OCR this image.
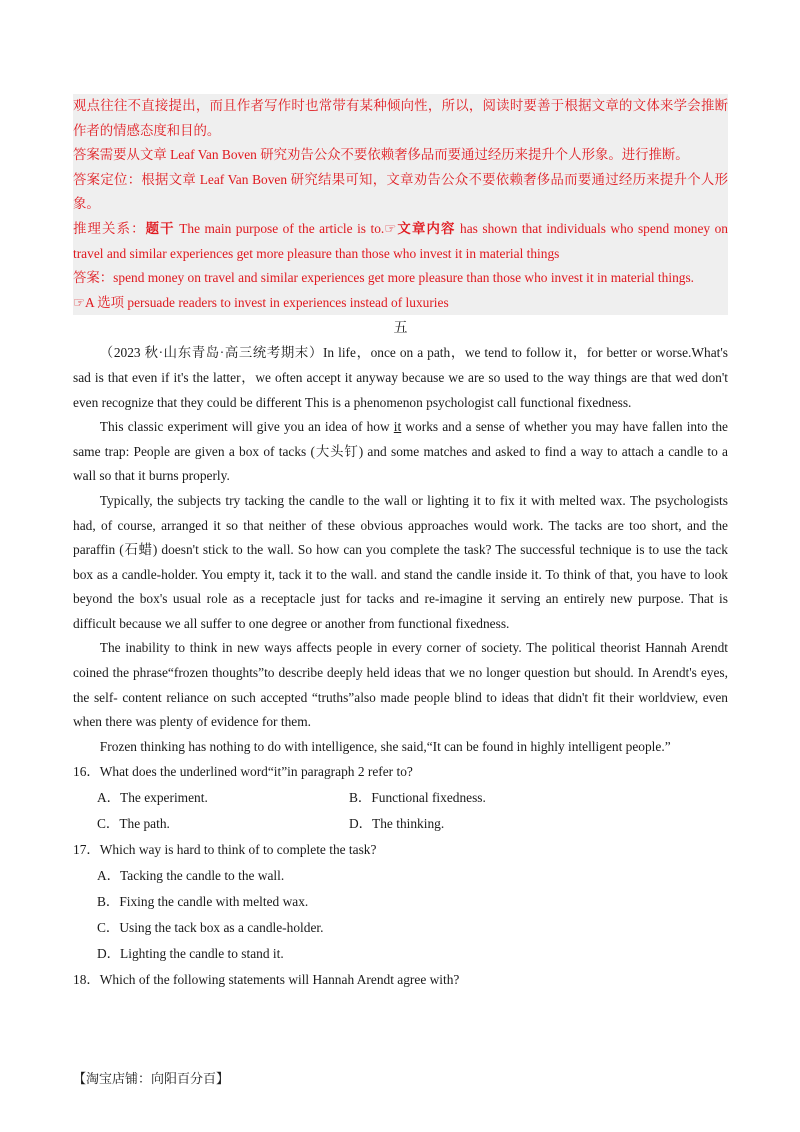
观点往往不直接提出，而且作者写作时也常带有某种倾向性，所以，阅读时要善于根据文章的文体来学会推断作者的情感态度和目的。

答案需要从文章 Leaf Van Boven 研究劝告公众不要依赖奢侈品而要通过经历来提升个人形象。进行推断。

答案定位：根据文章 Leaf Van Boven 研究结果可知，文章劝告公众不要依赖奢侈品而要通过经历来提升个人形象。

推理关系：题干 The main purpose of the article is to.☞文章内容 has shown that individuals who spend money on travel and similar experiences get more pleasure than those who invest it in material things

答案：spend money on travel and similar experiences get more pleasure than those who invest it in material things.

☞A 选项 persuade readers to invest in experiences instead of luxuries

五

（2023 秋·山东青岛·高三统考期末）In life，once on a path，we tend to follow it，for better or worse.What's sad is that even if it's the latter，we often accept it anyway because we are so used to the way things are that wed don't even recognize that they could be different This is a phenomenon psychologist call functional fixedness.

This classic experiment will give you an idea of how it works and a sense of whether you may have fallen into the same trap: People are given a box of tacks (大头钉) and some matches and asked to find a way to attach a candle to a wall so that it burns properly.

Typically, the subjects try tacking the candle to the wall or lighting it to fix it with melted wax. The psychologists had, of course, arranged it so that neither of these obvious approaches would work. The tacks are too short, and the paraffin (石蜡) doesn't stick to the wall. So how can you complete the task? The successful technique is to use the tack box as a candle-holder. You empty it, tack it to the wall. and stand the candle inside it. To think of that, you have to look beyond the box's usual role as a receptacle just for tacks and re-imagine it serving an entirely new purpose. That is difficult because we all suffer to one degree or another from functional fixedness.

The inability to think in new ways affects people in every corner of society. The political theorist Hannah Arendt coined the phrase“frozen thoughts”to describe deeply held ideas that we no longer question but should. In Arendt's eyes, the self- content reliance on such accepted “truths”also made people blind to ideas that didn't fit their worldview, even when there was plenty of evidence for them.

Frozen thinking has nothing to do with intelligence, she said,“It can be found in highly intelligent people.”

16．What does the underlined word“it”in paragraph 2 refer to?

A．The experiment.	B．Functional fixedness.
C．The path.	D．The thinking.

17．Which way is hard to think of to complete the task?

A．Tacking the candle to the wall.
B．Fixing the candle with melted wax.
C．Using the tack box as a candle-holder.
D．Lighting the candle to stand it.

18．Which of the following statements will Hannah Arendt agree with?

【淘宝店铺：向阳百分百】
